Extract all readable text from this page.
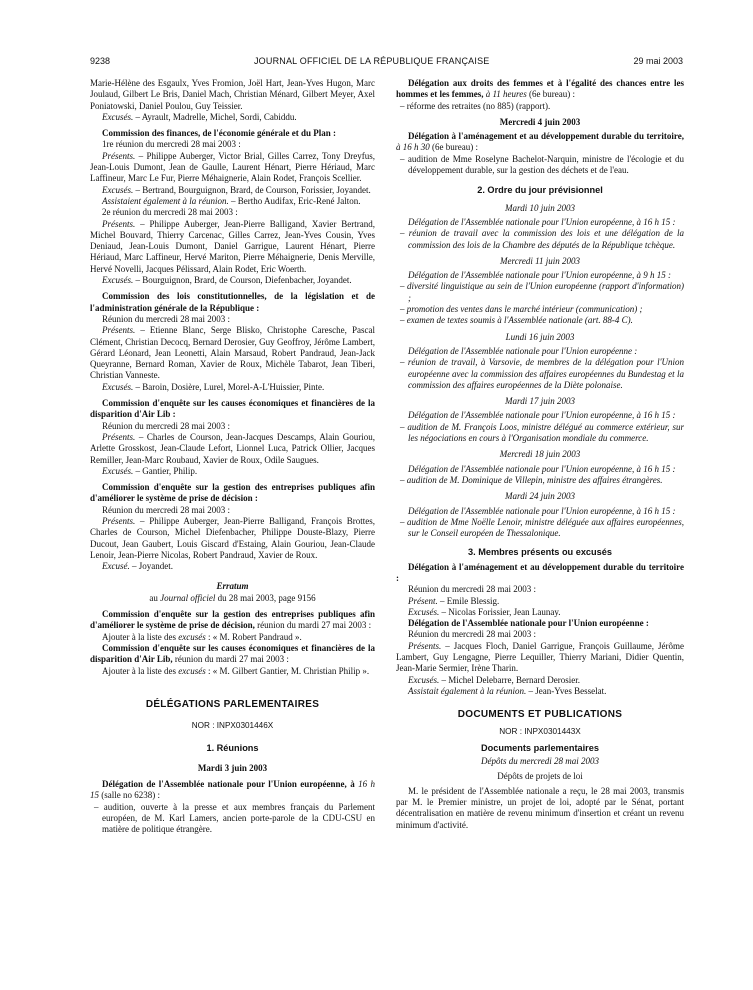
9238	JOURNAL OFFICIEL DE LA RÉPUBLIQUE FRANÇAISE	29 mai 2003

Marie-Hélène des Esgaulx, Yves Fromion, Joël Hart, Jean-Yves Hugon, Marc Joulaud, Gilbert Le Bris, Daniel Mach, Christian Ménard, Gilbert Meyer, Axel Poniatowski, Daniel Poulou, Guy Teissier.

Excusés. – Ayrault, Madrelle, Michel, Sordi, Cabiddu.

Commission des finances, de l'économie générale et du Plan :

1re réunion du mercredi 28 mai 2003 :

Présents. – Philippe Auberger, Victor Brial, Gilles Carrez, Tony Dreyfus, Jean-Louis Dumont, Jean de Gaulle, Laurent Hénart, Pierre Hériaud, Marc Laffineur, Marc Le Fur, Pierre Méhaignerie, Alain Rodet, François Scellier.

Excusés. – Bertrand, Bourguignon, Brard, de Courson, Forissier, Joyandet.

Assistaient également à la réunion. – Bertho Audifax, Eric-René Jalton.

2e réunion du mercredi 28 mai 2003 :

Présents. – Philippe Auberger, Jean-Pierre Balligand, Xavier Bertrand, Michel Bouvard, Thierry Carcenac, Gilles Carrez, Jean-Yves Cousin, Yves Deniaud, Jean-Louis Dumont, Daniel Garrigue, Laurent Hénart, Pierre Hériaud, Marc Laffineur, Hervé Mariton, Pierre Méhaignerie, Denis Merville, Hervé Novelli, Jacques Pélissard, Alain Rodet, Eric Woerth.

Excusés. – Bourguignon, Brard, de Courson, Diefenbacher, Joyandet.

Commission des lois constitutionnelles, de la législation et de l'administration générale de la République :

Réunion du mercredi 28 mai 2003 :

Présents. – Etienne Blanc, Serge Blisko, Christophe Caresche, Pascal Clément, Christian Decocq, Bernard Derosier, Guy Geoffroy, Jérôme Lambert, Gérard Léonard, Jean Leonetti, Alain Marsaud, Robert Pandraud, Jean-Jack Queyranne, Bernard Roman, Xavier de Roux, Michèle Tabarot, Jean Tiberi, Christian Vanneste.

Excusés. – Baroin, Dosière, Lurel, Morel-A-L'Huissier, Pinte.

Commission d'enquête sur les causes économiques et financières de la disparition d'Air Lib :

Réunion du mercredi 28 mai 2003 :

Présents. – Charles de Courson, Jean-Jacques Descamps, Alain Gouriou, Arlette Grosskost, Jean-Claude Lefort, Lionnel Luca, Patrick Ollier, Jacques Remiller, Jean-Marc Roubaud, Xavier de Roux, Odile Saugues.

Excusés. – Gantier, Philip.

Commission d'enquête sur la gestion des entreprises publiques afin d'améliorer le système de prise de décision :

Réunion du mercredi 28 mai 2003 :

Présents. – Philippe Auberger, Jean-Pierre Balligand, François Brottes, Charles de Courson, Michel Diefenbacher, Philippe Douste-Blazy, Pierre Ducout, Jean Gaubert, Louis Giscard d'Estaing, Alain Gouriou, Jean-Claude Lenoir, Jean-Pierre Nicolas, Robert Pandraud, Xavier de Roux.

Excusé. – Joyandet.

Erratum

au Journal officiel du 28 mai 2003, page 9156

Commission d'enquête sur la gestion des entreprises publiques afin d'améliorer le système de prise de décision, réunion du mardi 27 mai 2003 :

Ajouter à la liste des excusés : « M. Robert Pandraud ».

Commission d'enquête sur les causes économiques et financières de la disparition d'Air Lib, réunion du mardi 27 mai 2003 :

Ajouter à la liste des excusés : « M. Gilbert Gantier, M. Christian Philip ».

DÉLÉGATIONS PARLEMENTAIRES

NOR : INPX0301446X

1. Réunions

Mardi 3 juin 2003

Délégation de l'Assemblée nationale pour l'Union européenne, à 16 h 15 (salle no 6238) :

– audition, ouverte à la presse et aux membres français du Parlement européen, de M. Karl Lamers, ancien porte-parole de la CDU-CSU en matière de politique étrangère.

Délégation aux droits des femmes et à l'égalité des chances entre les hommes et les femmes, à 11 heures (6e bureau) :

– réforme des retraites (no 885) (rapport).

Mercredi 4 juin 2003

Délégation à l'aménagement et au développement durable du territoire, à 16 h 30 (6e bureau) :

– audition de Mme Roselyne Bachelot-Narquin, ministre de l'écologie et du développement durable, sur la gestion des déchets et de l'eau.

2. Ordre du jour prévisionnel

Mardi 10 juin 2003

Délégation de l'Assemblée nationale pour l'Union européenne, à 16 h 15 :

– réunion de travail avec la commission des lois et une délégation de la commission des lois de la Chambre des députés de la République tchèque.

Mercredi 11 juin 2003

Délégation de l'Assemblée nationale pour l'Union européenne, à 9 h 15 :

– diversité linguistique au sein de l'Union européenne (rapport d'information) ;

– promotion des ventes dans le marché intérieur (communication) ;

– examen de textes soumis à l'Assemblée nationale (art. 88-4 C).

Lundi 16 juin 2003

Délégation de l'Assemblée nationale pour l'Union européenne :

– réunion de travail, à Varsovie, de membres de la délégation pour l'Union européenne avec la commission des affaires européennes du Bundestag et la commission des affaires européennes de la Diète polonaise.

Mardi 17 juin 2003

Délégation de l'Assemblée nationale pour l'Union européenne, à 16 h 15 :

– audition de M. François Loos, ministre délégué au commerce extérieur, sur les négociations en cours à l'Organisation mondiale du commerce.

Mercredi 18 juin 2003

Délégation de l'Assemblée nationale pour l'Union européenne, à 16 h 15 :

– audition de M. Dominique de Villepin, ministre des affaires étrangères.

Mardi 24 juin 2003

Délégation de l'Assemblée nationale pour l'Union européenne, à 16 h 15 :

– audition de Mme Noëlle Lenoir, ministre déléguée aux affaires européennes, sur le Conseil européen de Thessalonique.

3. Membres présents ou excusés

Délégation à l'aménagement et au développement durable du territoire :

Réunion du mercredi 28 mai 2003 :

Présent. – Emile Blessig.

Excusés. – Nicolas Forissier, Jean Launay.

Délégation de l'Assemblée nationale pour l'Union européenne :

Réunion du mercredi 28 mai 2003 :

Présents. – Jacques Floch, Daniel Garrigue, François Guillaume, Jérôme Lambert, Guy Lengagne, Pierre Lequiller, Thierry Mariani, Didier Quentin, Jean-Marie Sermier, Irène Tharin.

Excusés. – Michel Delebarre, Bernard Derosier.

Assistait également à la réunion. – Jean-Yves Besselat.

DOCUMENTS ET PUBLICATIONS

NOR : INPX0301443X

Documents parlementaires

Dépôts du mercredi 28 mai 2003

Dépôts de projets de loi

M. le président de l'Assemblée nationale a reçu, le 28 mai 2003, transmis par M. le Premier ministre, un projet de loi, adopté par le Sénat, portant décentralisation en matière de revenu minimum d'insertion et créant un revenu minimum d'activité.
